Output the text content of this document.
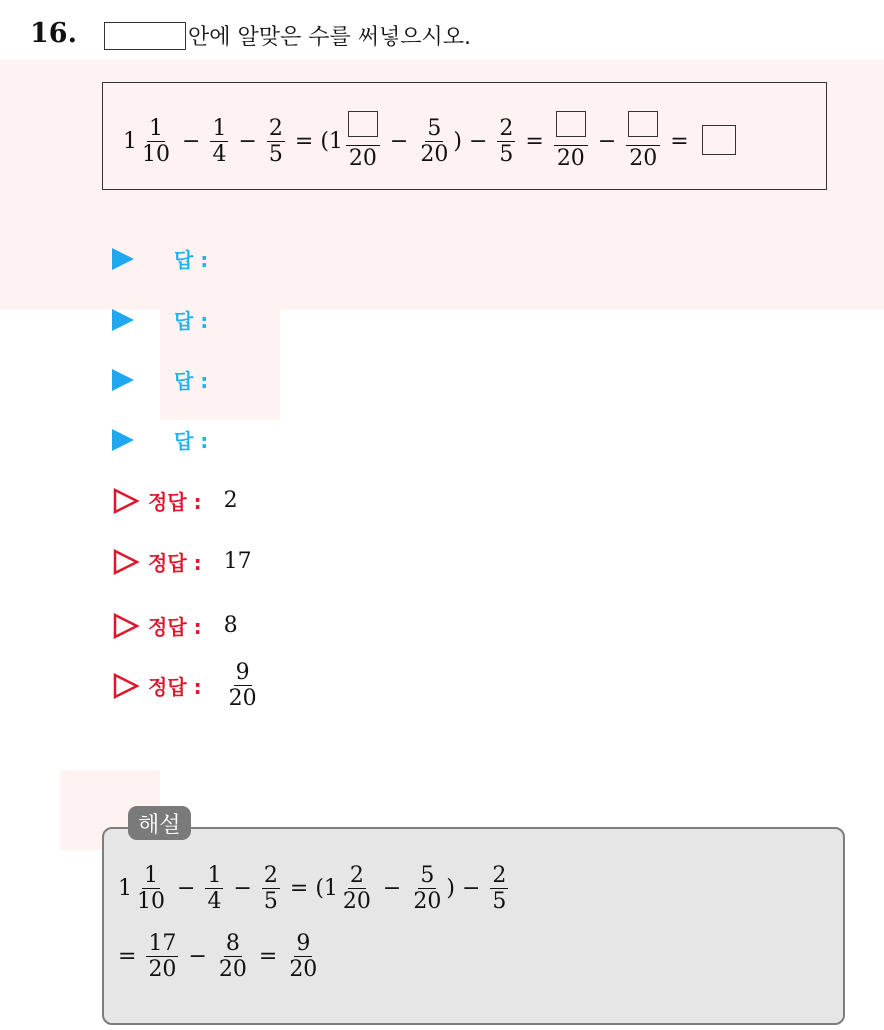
16.	안에 알맞은 수를 써넣으시오.
$1 \frac{1}{10} - \frac{1}{4} - \frac{2}{5} = (1$
20
− $\frac{5}{20}$ ) − $\frac{2}{5}$ =
20
−
20
=
답 :
답 :
답 :
답 :
정답 : 2
정답 : 17
정답 : 8
정답 : $\frac{9}{20}$
$1 \frac{1}{10} - \frac{1}{4} - \frac{2}{5} = (1 \frac{2}{20} - \frac{5}{20}$ ) − $\frac{2}{5}$
= $\frac{17}{20} - \frac{8}{20} = \frac{9}{20}$
해설
